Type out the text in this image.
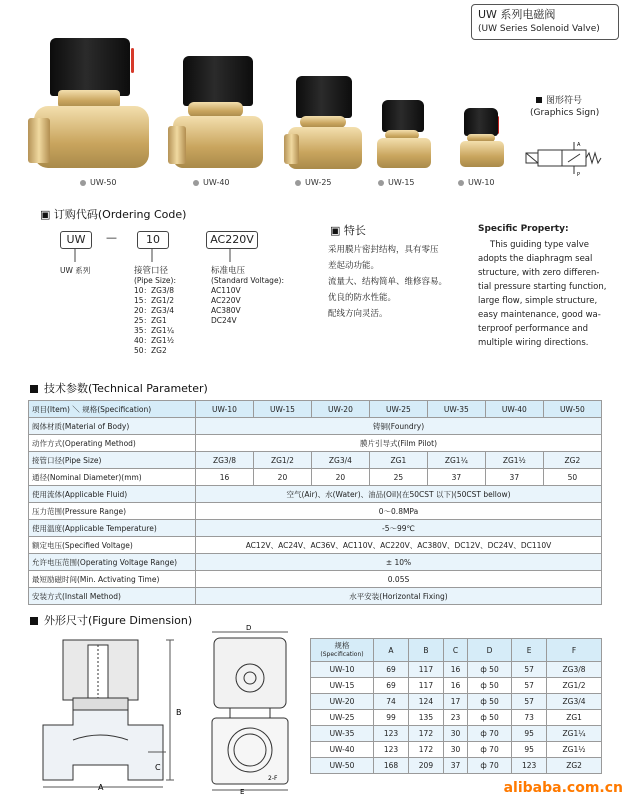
UW 系列电磁阀
(UW Series Solenoid Valve)
UW-50	UW-40	UW-25	UW-15	UW-10
图形符号
(Graphics Sign)
A
P
▣ 订购代码(Ordering Code)
UW	—	10	AC220V
UW 系列	接管口径
(Pipe Size):
10：ZG3/8
15：ZG1/2
20：ZG3/4
25：ZG1
35：ZG1¼
40：ZG1½
50：ZG2
标准电压
(Standard Voltage):
AC110V
AC220V
AC380V
DC24V
▣ 特长
采用膜片密封结构，具有零压
差起动功能。
流量大、结构简单、维修容易。
优良的防水性能。
配线方向灵活。
Specific Property:
This guiding type valve
adopts the diaphragm seal
structure, with zero differen-
tial pressure starting function,
large flow, simple structure,
easy maintenance, good wa-
terproof performance and
multiple wiring directions.
技术参数(Technical Parameter)
项目(Item) ＼ 规格(Specification)	UW-10	UW-15	UW-20	UW-25	UW-35	UW-40	UW-50
阀体材质(Material of Body)	铸铜(Foundry)						
动作方式(Operating Method)	膜片引导式(Film Pilot)						
接管口径(Pipe Size)	ZG3/8	ZG1/2	ZG3/4	ZG1	ZG1¼	ZG1½	ZG2
通径(Nominal Diameter)(mm)	16	20	20	25	37	37	50
使用流体(Applicable Fluid)	空气(Air)、水(Water)、油品(Oil)(在50CST 以下)(50CST bellow)						
压力范围(Pressure Range)	0～0.8MPa						
使用温度(Applicable Temperature)	-5～99℃						
额定电压(Specified Voltage)	AC12V、AC24V、AC36V、AC110V、AC220V、AC380V、DC12V、DC24V、DC110V						
允许电压范围(Operating Voltage Range)	± 10%						
最短励磁时间(Min. Activating Time)	0.05S						
安装方式(Install Method)	水平安装(Horizontal Fixing)						
外形尺寸(Figure Dimension)
B
C
A
D
E
2-F
规格
(Specification)	A	B	C	D	E	F
UW-10	69	117	16	ф 50	57	ZG3/8
UW-15	69	117	16	ф 50	57	ZG1/2
UW-20	74	124	17	ф 50	57	ZG3/4
UW-25	99	135	23	ф 50	73	ZG1
UW-35	123	172	30	ф 70	95	ZG1¼
UW-40	123	172	30	ф 70	95	ZG1½
UW-50	168	209	37	ф 70	123	ZG2
alibaba.com.cn
